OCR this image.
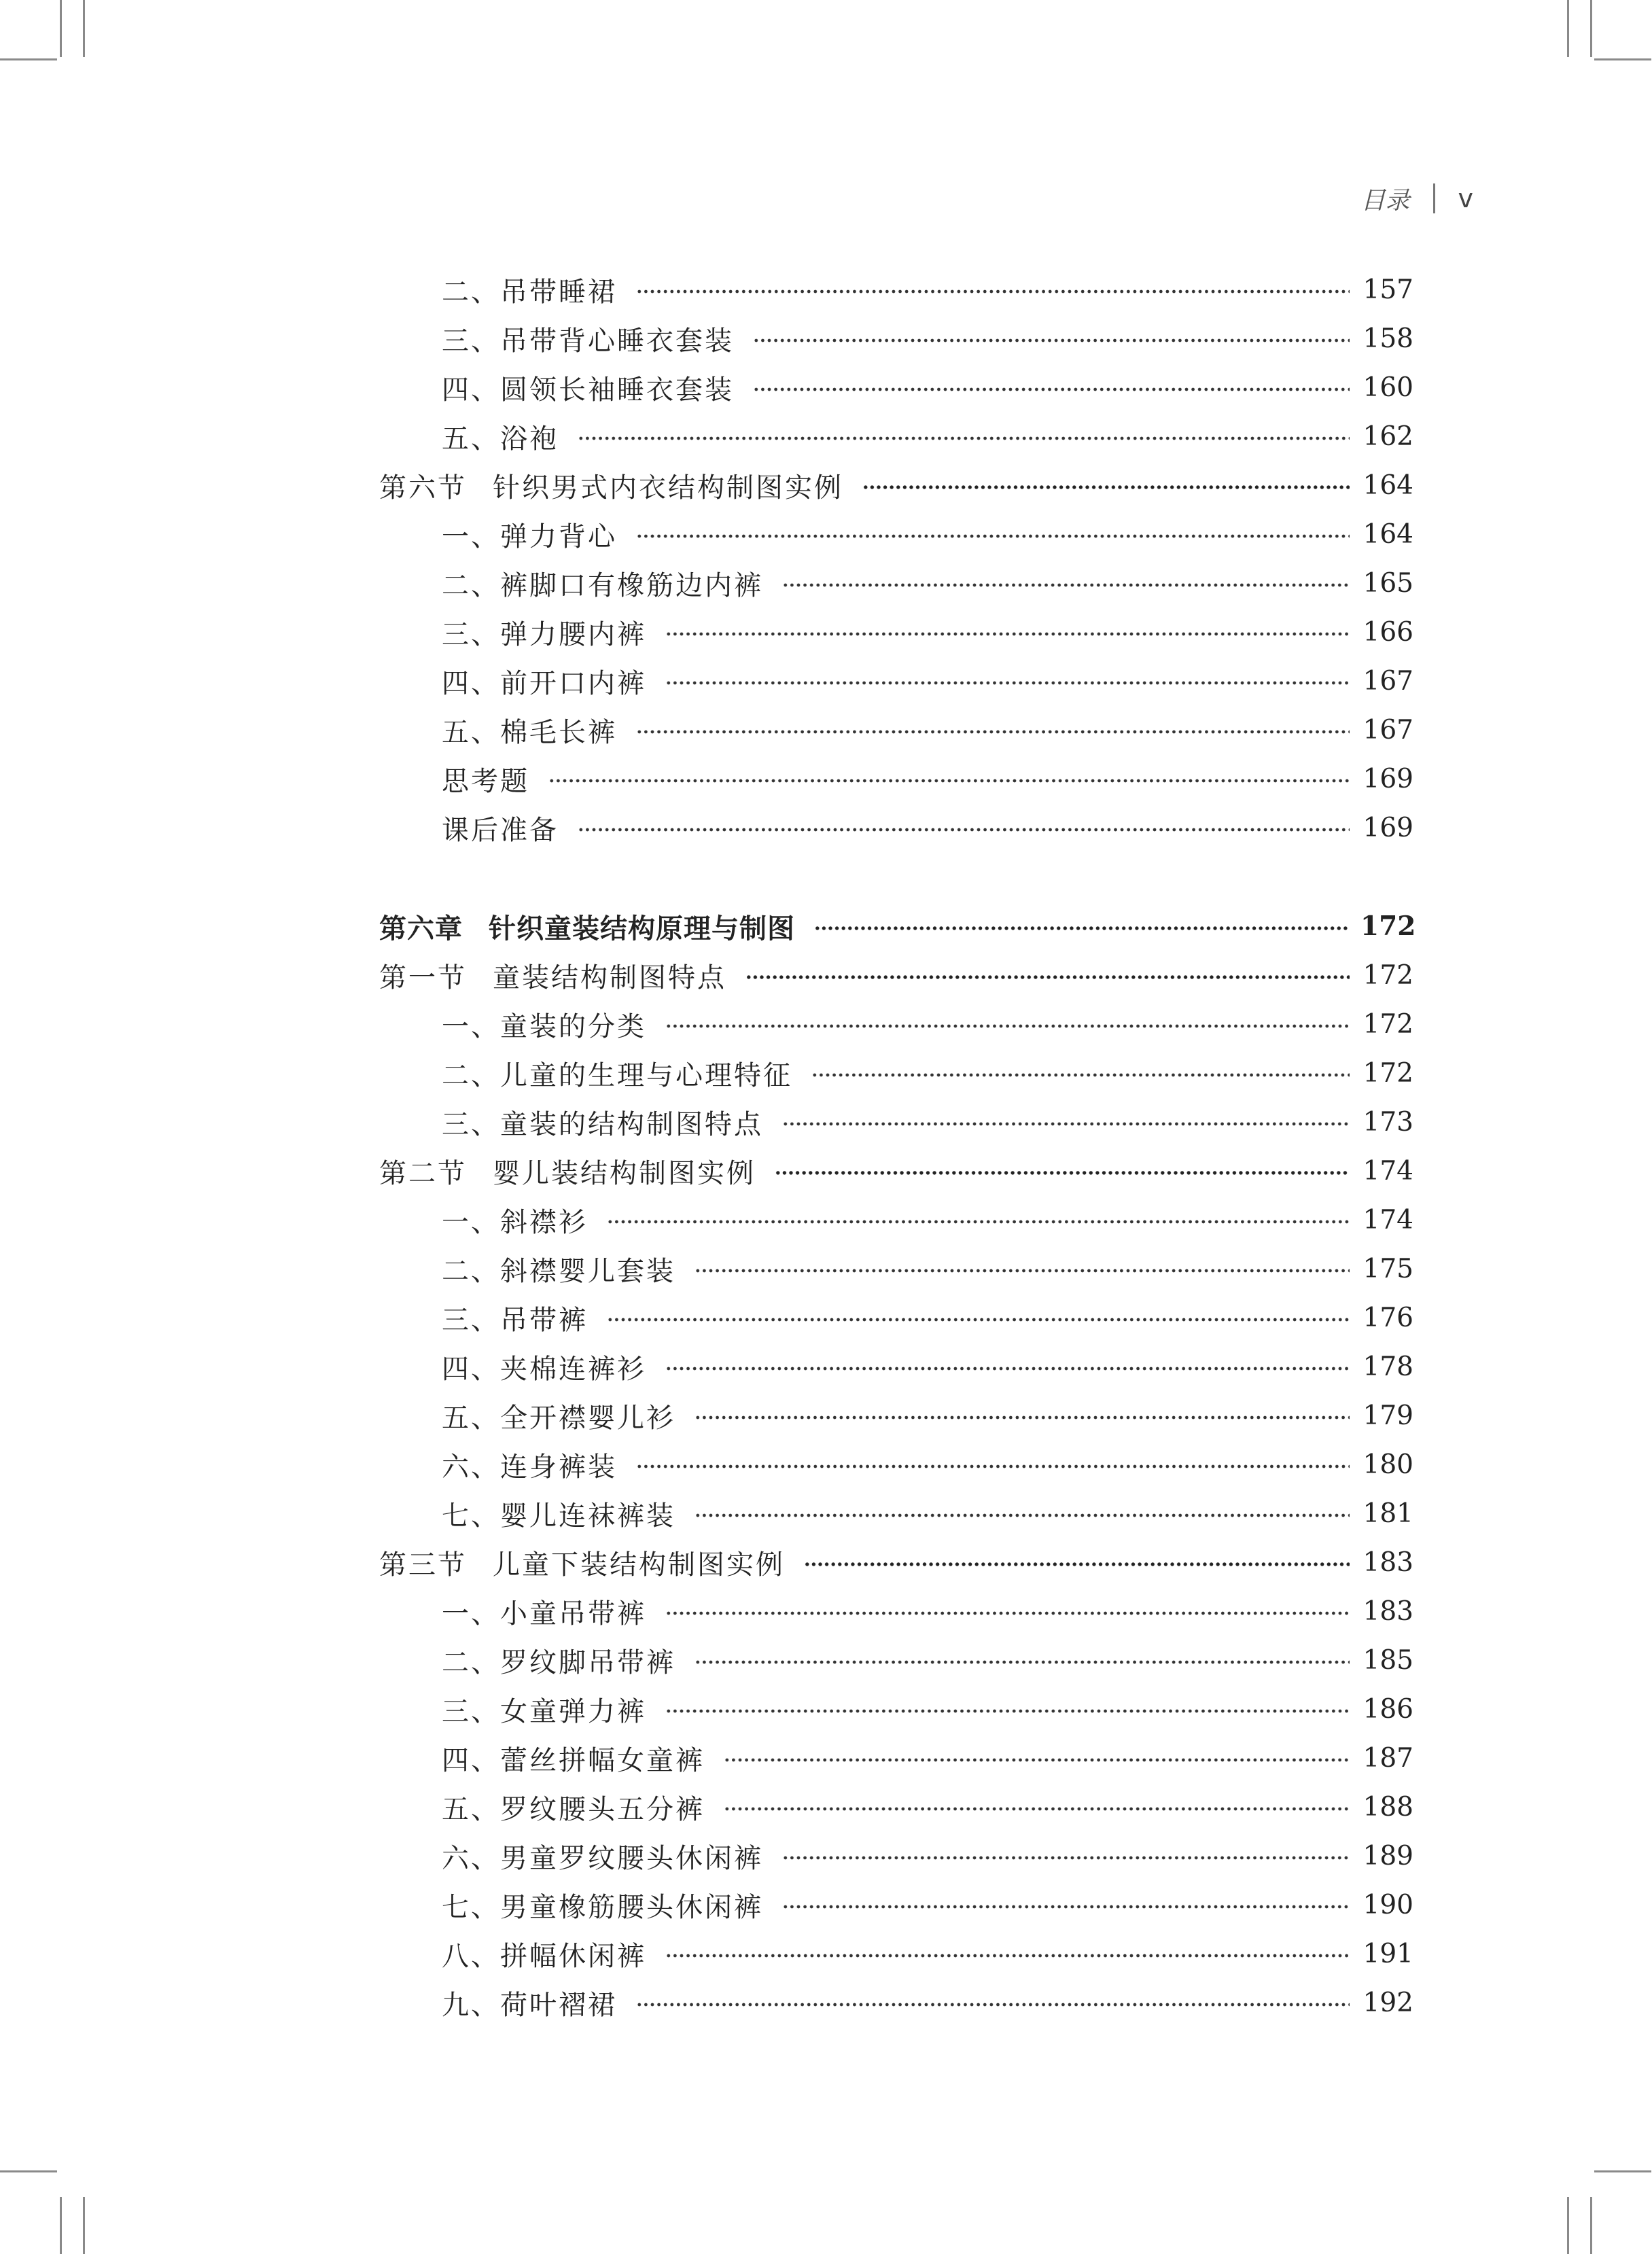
目录 v
二、吊带睡裙	157
三、吊带背心睡衣套装	158
四、圆领长袖睡衣套装	160
五、浴袍	162
第六节 针织男式内衣结构制图实例	164
一、弹力背心	164
二、裤脚口有橡筋边内裤	165
三、弹力腰内裤	166
四、前开口内裤	167
五、棉毛长裤	167
思考题	169
课后准备	169
第六章 针织童装结构原理与制图	172
第一节 童装结构制图特点	172
一、童装的分类	172
二、儿童的生理与心理特征	172
三、童装的结构制图特点	173
第二节 婴儿装结构制图实例	174
一、斜襟衫	174
二、斜襟婴儿套装	175
三、吊带裤	176
四、夹棉连裤衫	178
五、全开襟婴儿衫	179
六、连身裤装	180
七、婴儿连袜裤装	181
第三节 儿童下装结构制图实例	183
一、小童吊带裤	183
二、罗纹脚吊带裤	185
三、女童弹力裤	186
四、蕾丝拼幅女童裤	187
五、罗纹腰头五分裤	188
六、男童罗纹腰头休闲裤	189
七、男童橡筋腰头休闲裤	190
八、拼幅休闲裤	191
九、荷叶褶裙	192
